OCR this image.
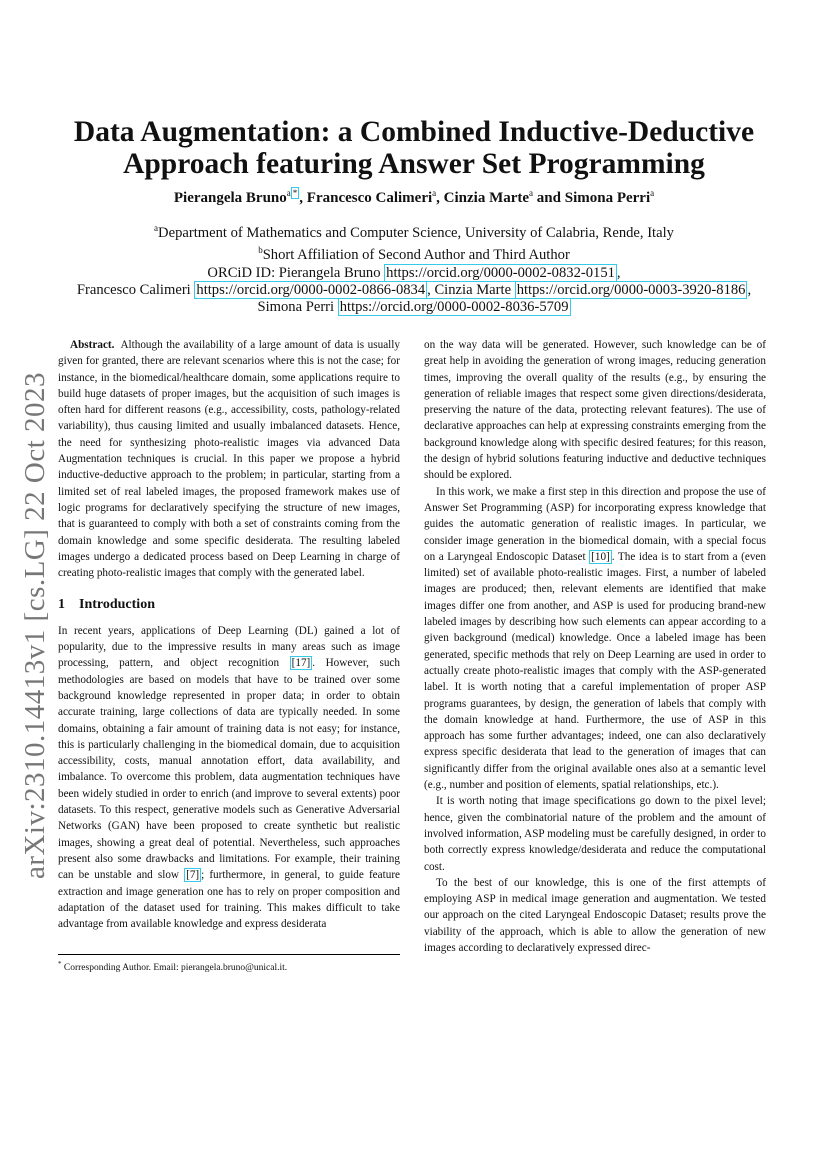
arXiv:2310.14413v1 [cs.LG] 22 Oct 2023
Data Augmentation: a Combined Inductive-Deductive
Approach featuring Answer Set Programming
Pierangela Bruno$^a$ * , Francesco Calimeri$^a$, Cinzia Marte$^a$ and Simona Perri$^a$
$^a$Department of Mathematics and Computer Science, University of Calabria, Rende, Italy
$^b$Short Affiliation of Second Author and Third Author
ORCiD ID: Pierangela Bruno https://orcid.org/0000-0002-0832-0151 ,
Francesco Calimeri https://orcid.org/0000-0002-0866-0834 , Cinzia Marte https://orcid.org/0000-0003-3920-8186 ,
Simona Perri https://orcid.org/0000-0002-8036-5709

Abstract. Although the availability of a large amount of data is usually given for granted, there are relevant scenarios where this is not the case; for instance, in the biomedical/healthcare domain, some applications require to build huge datasets of proper images, but the acquisition of such images is often hard for different reasons (e.g., accessibility, costs, pathology-related variability), thus causing limited and usually imbalanced datasets. Hence, the need for synthesizing photo-realistic images via advanced Data Augmentation techniques is crucial. In this paper we propose a hybrid inductive-deductive approach to the problem; in particular, starting from a limited set of real labeled images, the proposed framework makes use of logic programs for declaratively specifying the structure of new images, that is guaranteed to comply with both a set of constraints coming from the domain knowledge and some specific desiderata. The resulting labeled images undergo a dedicated process based on Deep Learning in charge of creating photo-realistic images that comply with the generated label.

1 Introduction

In recent years, applications of Deep Learning (DL) gained a lot of popularity, due to the impressive results in many areas such as image processing, pattern, and object recognition [17] . However, such methodologies are based on models that have to be trained over some background knowledge represented in proper data; in order to obtain accurate training, large collections of data are typically needed. In some domains, obtaining a fair amount of training data is not easy; for instance, this is particularly challenging in the biomedical domain, due to acquisition accessibility, costs, manual annotation effort, data availability, and imbalance. To overcome this problem, data augmentation techniques have been widely studied in order to enrich (and improve to several extents) poor datasets. To this respect, generative models such as Generative Adversarial Networks (GAN) have been proposed to create synthetic but realistic images, showing a great deal of potential. Nevertheless, such approaches present also some drawbacks and limitations. For example, their training can be unstable and slow [7] ; furthermore, in general, to guide feature extraction and image generation one has to rely on proper composition and adaptation of the dataset used for training. This makes difficult to take advantage from available knowledge and express desiderata

on the way data will be generated. However, such knowledge can be of great help in avoiding the generation of wrong images, reducing generation times, improving the overall quality of the results (e.g., by ensuring the generation of reliable images that respect some given directions/desiderata, preserving the nature of the data, protecting relevant features). The use of declarative approaches can help at expressing constraints emerging from the background knowledge along with specific desired features; for this reason, the design of hybrid solutions featuring inductive and deductive techniques should be explored.

In this work, we make a first step in this direction and propose the use of Answer Set Programming (ASP) for incorporating express knowledge that guides the automatic generation of realistic images. In particular, we consider image generation in the biomedical domain, with a special focus on a Laryngeal Endoscopic Dataset [10] . The idea is to start from a (even limited) set of available photo-realistic images. First, a number of labeled images are produced; then, relevant elements are identified that make images differ one from another, and ASP is used for producing brand-new labeled images by describing how such elements can appear according to a given background (medical) knowledge. Once a labeled image has been generated, specific methods that rely on Deep Learning are used in order to actually create photo-realistic images that comply with the ASP-generated label. It is worth noting that a careful implementation of proper ASP programs guarantees, by design, the generation of labels that comply with the domain knowledge at hand. Furthermore, the use of ASP in this approach has some further advantages; indeed, one can also declaratively express specific desiderata that lead to the generation of images that can significantly differ from the original available ones also at a semantic level (e.g., number and position of elements, spatial relationships, etc.).

It is worth noting that image specifications go down to the pixel level; hence, given the combinatorial nature of the problem and the amount of involved information, ASP modeling must be carefully designed, in order to both correctly express knowledge/desiderata and reduce the computational cost.

To the best of our knowledge, this is one of the first attempts of employing ASP in medical image generation and augmentation. We tested our approach on the cited Laryngeal Endoscopic Dataset; results prove the viability of the approach, which is able to allow the generation of new images according to declaratively expressed direc-

* Corresponding Author. Email: pierangela.bruno@unical.it.
